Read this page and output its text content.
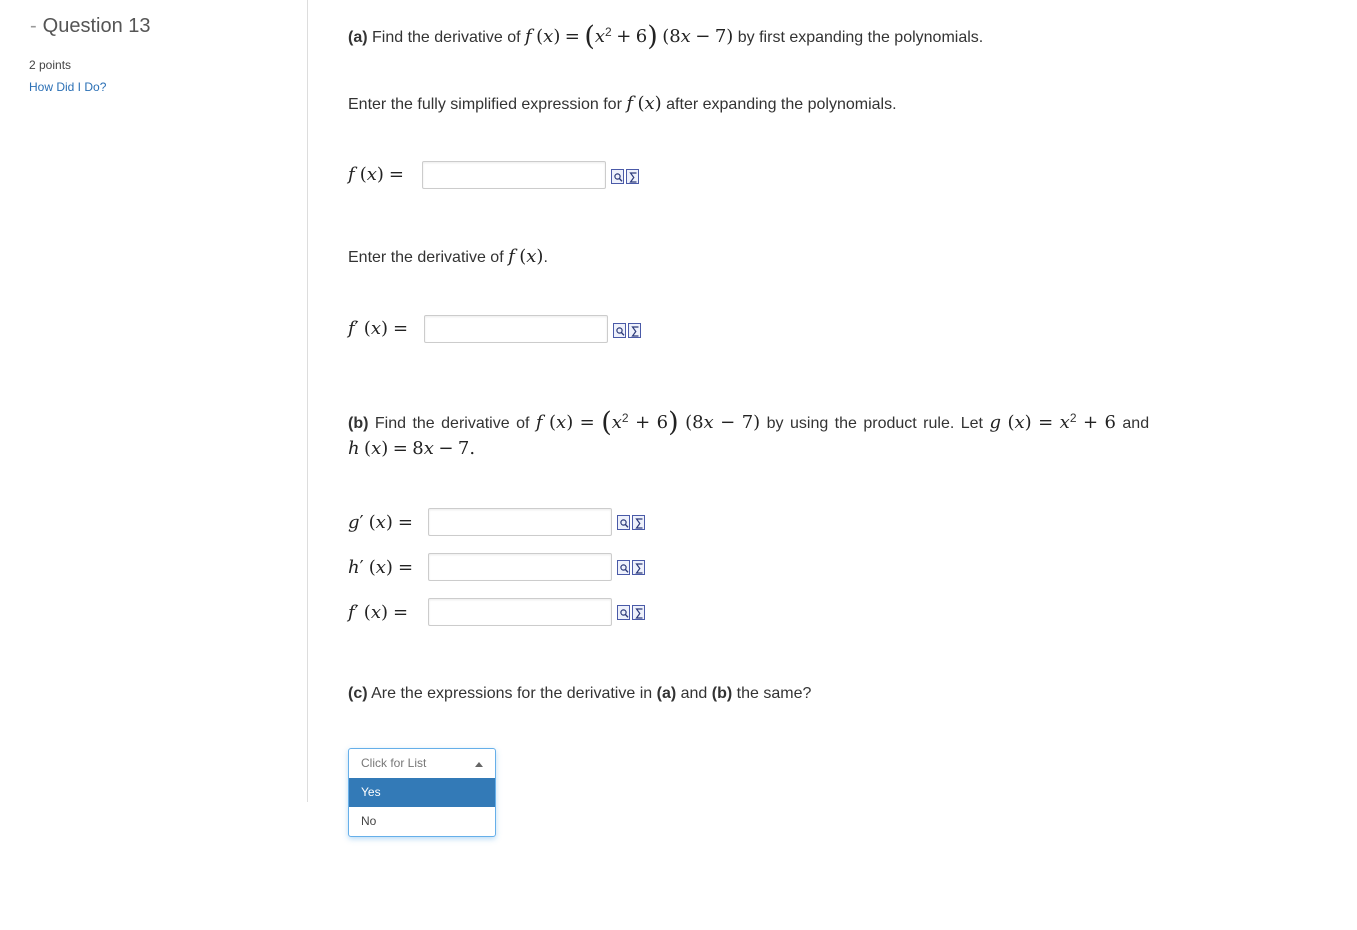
- Question 13
2 points
How Did I Do?
(a) Find the derivative of f $(x) = (x^2 + 6) (8x - 7)$ by first expanding the polynomials.
Enter the fully simplified expression for f (x) after expanding the polynomials.
f (x) =
Enter the derivative of f (x).
f′ (x) =
(b) Find the derivative of f $(x) = (x^2 + 6) (8x - 7)$ by using the product rule. Let g $(x) = x^2 + 6$ and
h (x) = 8x − 7.
g′ (x) =
h′ (x) =
f′ (x) =
(c) Are the expressions for the derivative in (a) and (b) the same?
Click for List
Yes
No
